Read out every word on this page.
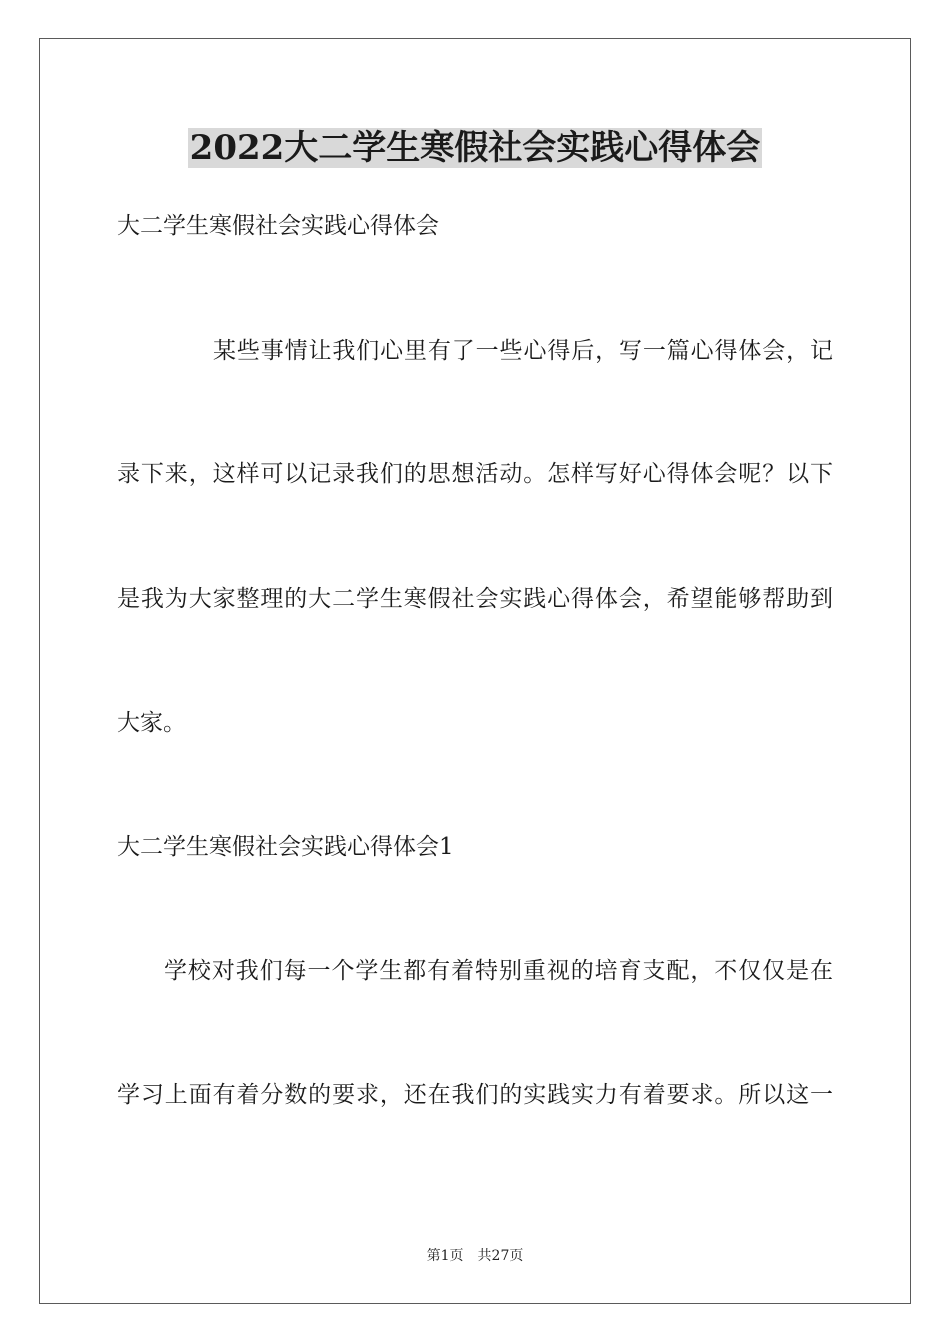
2022大二学生寒假社会实践心得体会
大二学生寒假社会实践心得体会
某些事情让我们心里有了一些心得后，写一篇心得体会，记
录下来，这样可以记录我们的思想活动。怎样写好心得体会呢？以下
是我为大家整理的大二学生寒假社会实践心得体会，希望能够帮助到
大家。
大二学生寒假社会实践心得体会1
学校对我们每一个学生都有着特别重视的培育支配，不仅仅是在
学习上面有着分数的要求，还在我们的实践实力有着要求。所以这一
第1页 共27页
